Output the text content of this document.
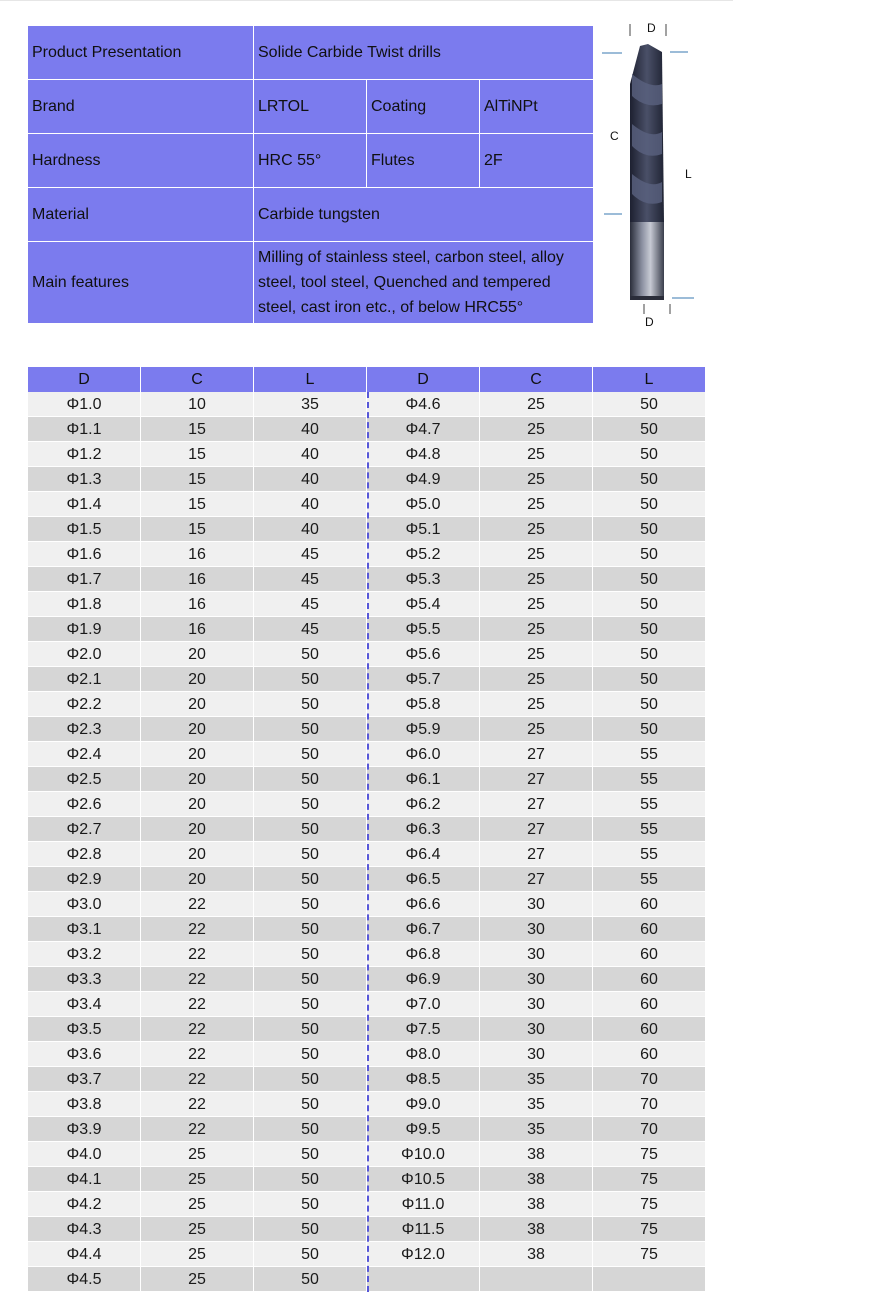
Product Presentation	Solide Carbide Twist drills
Brand	LRTOL	Coating	AlTiNPt
Hardness	HRC 55°	Flutes	2F
Material	Carbide tungsten
Main features
Milling of stainless steel, carbon steel, alloy
steel, tool steel, Quenched and tempered
steel, cast iron etc., of below HRC55°
D
C
L
D
D	C	L	D	C	L
Φ1.0	10	35	Φ4.6	25	50
Φ1.1	15	40	Φ4.7	25	50
Φ1.2	15	40	Φ4.8	25	50
Φ1.3	15	40	Φ4.9	25	50
Φ1.4	15	40	Φ5.0	25	50
Φ1.5	15	40	Φ5.1	25	50
Φ1.6	16	45	Φ5.2	25	50
Φ1.7	16	45	Φ5.3	25	50
Φ1.8	16	45	Φ5.4	25	50
Φ1.9	16	45	Φ5.5	25	50
Φ2.0	20	50	Φ5.6	25	50
Φ2.1	20	50	Φ5.7	25	50
Φ2.2	20	50	Φ5.8	25	50
Φ2.3	20	50	Φ5.9	25	50
Φ2.4	20	50	Φ6.0	27	55
Φ2.5	20	50	Φ6.1	27	55
Φ2.6	20	50	Φ6.2	27	55
Φ2.7	20	50	Φ6.3	27	55
Φ2.8	20	50	Φ6.4	27	55
Φ2.9	20	50	Φ6.5	27	55
Φ3.0	22	50	Φ6.6	30	60
Φ3.1	22	50	Φ6.7	30	60
Φ3.2	22	50	Φ6.8	30	60
Φ3.3	22	50	Φ6.9	30	60
Φ3.4	22	50	Φ7.0	30	60
Φ3.5	22	50	Φ7.5	30	60
Φ3.6	22	50	Φ8.0	30	60
Φ3.7	22	50	Φ8.5	35	70
Φ3.8	22	50	Φ9.0	35	70
Φ3.9	22	50	Φ9.5	35	70
Φ4.0	25	50	Φ10.0	38	75
Φ4.1	25	50	Φ10.5	38	75
Φ4.2	25	50	Φ11.0	38	75
Φ4.3	25	50	Φ11.5	38	75
Φ4.4	25	50	Φ12.0	38	75
Φ4.5	25	50
